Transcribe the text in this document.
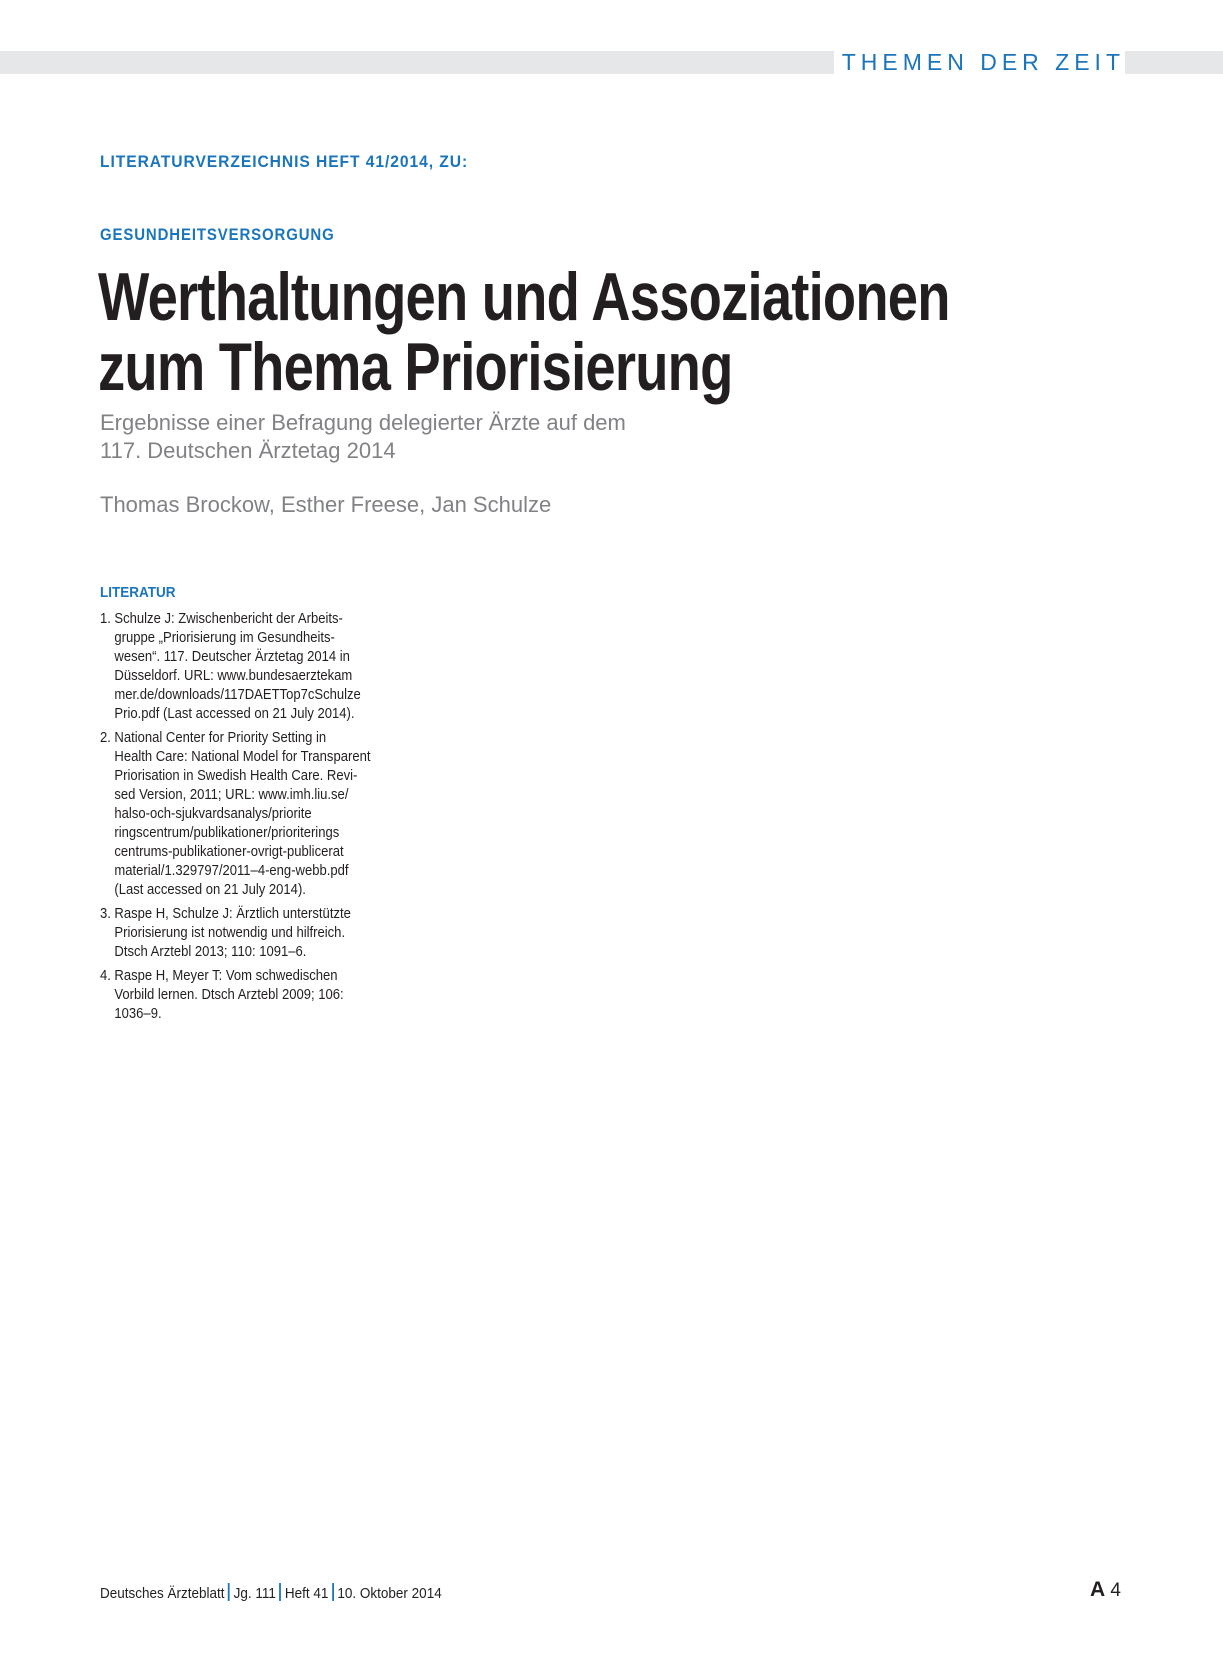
THEMEN DER ZEIT
LITERATURVERZEICHNIS HEFT 41/2014, ZU:
GESUNDHEITSVERSORGUNG
Werthaltungen und Assoziationen
zum Thema Priorisierung
Ergebnisse einer Befragung delegierter Ärzte auf dem
117. Deutschen Ärztetag 2014
Thomas Brockow, Esther Freese, Jan Schulze
LITERATUR
1. Schulze J: Zwischenbericht der Arbeits-
gruppe „Priorisierung im Gesundheits-
wesen“. 117. Deutscher Ärztetag 2014 in
Düsseldorf. URL: www.bundesaerztekam
mer.de/downloads/117DAETTop7cSchulze
Prio.pdf (Last accessed on 21 July 2014).
2. National Center for Priority Setting in
Health Care: National Model for Transparent
Priorisation in Swedish Health Care. Revi-
sed Version, 2011; URL: www.imh.liu.se/
halso-och-sjukvardsanalys/priorite
ringscentrum/publikationer/prioriterings
centrums-publikationer-ovrigt-publicerat
material/1.329797/2011–4-eng-webb.pdf
(Last accessed on 21 July 2014).
3. Raspe H, Schulze J: Ärztlich unterstützte
Priorisierung ist notwendig und hilfreich.
Dtsch Arztebl 2013; 110: 1091–6.
4. Raspe H, Meyer T: Vom schwedischen
Vorbild lernen. Dtsch Arztebl 2009; 106:
1036–9.
Deutsches Ärzteblatt Jg. 111 Heft 41 10. Oktober 2014	A 4
